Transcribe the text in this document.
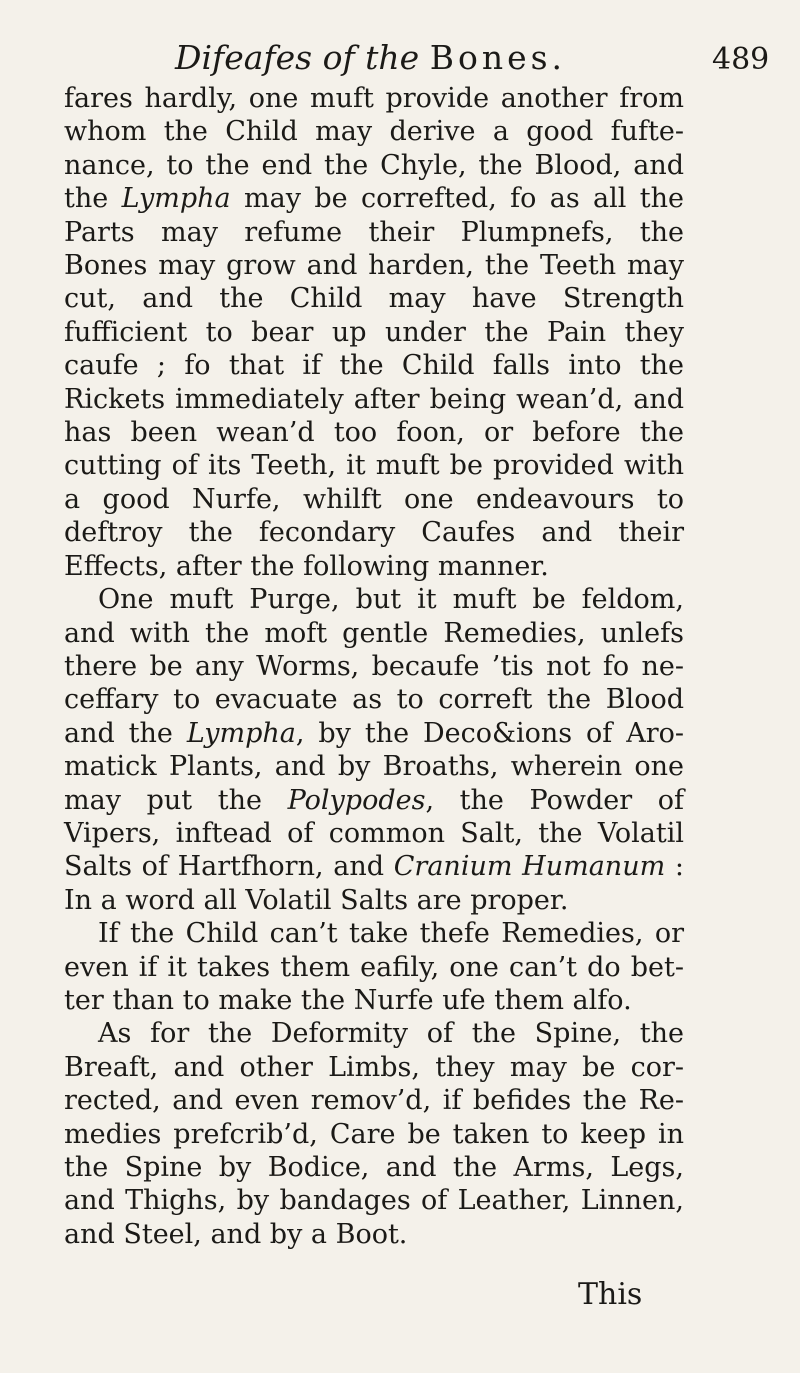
Difeafes of the Bones.	489

fares hardly, one muft provide another from whom the Child may derive a good fuftenance, to the end the Chyle, the Blood, and the Lympha may be correfted, fo as all the Parts may refume their Plumpnefs, the Bones may grow and harden, the Teeth may cut, and the Child may have Strength fufficient to bear up under the Pain they caufe ; fo that if the Child falls into the Rickets immediately after being wean’d, and has been wean’d too foon, or before the cutting of its Teeth, it muft be provided with a good Nurfe, whilft one endeavours to deftroy the fecondary Caufes and their Effects, after the following manner.

One muft Purge, but it muft be feldom, and with the moft gentle Remedies, unlefs there be any Worms, becaufe ’tis not fo neceffary to evacuate as to correft the Blood and the Lympha, by the Deco&ions of Aromatick Plants, and by Broaths, wherein one may put the Polypodes, the Powder of Vipers, inftead of common Salt, the Volatil Salts of Hartfhorn, and Cranium Humanum : In a word all Volatil Salts are proper.

If the Child can’t take thefe Remedies, or even if it takes them eafily, one can’t do better than to make the Nurfe ufe them alfo.

As for the Deformity of the Spine, the Breaft, and other Limbs, they may be corrected, and even remov’d, if befides the Remedies prefcrib’d, Care be taken to keep in the Spine by Bodice, and the Arms, Legs, and Thighs, by bandages of Leather, Linnen, and Steel, and by a Boot.

This
